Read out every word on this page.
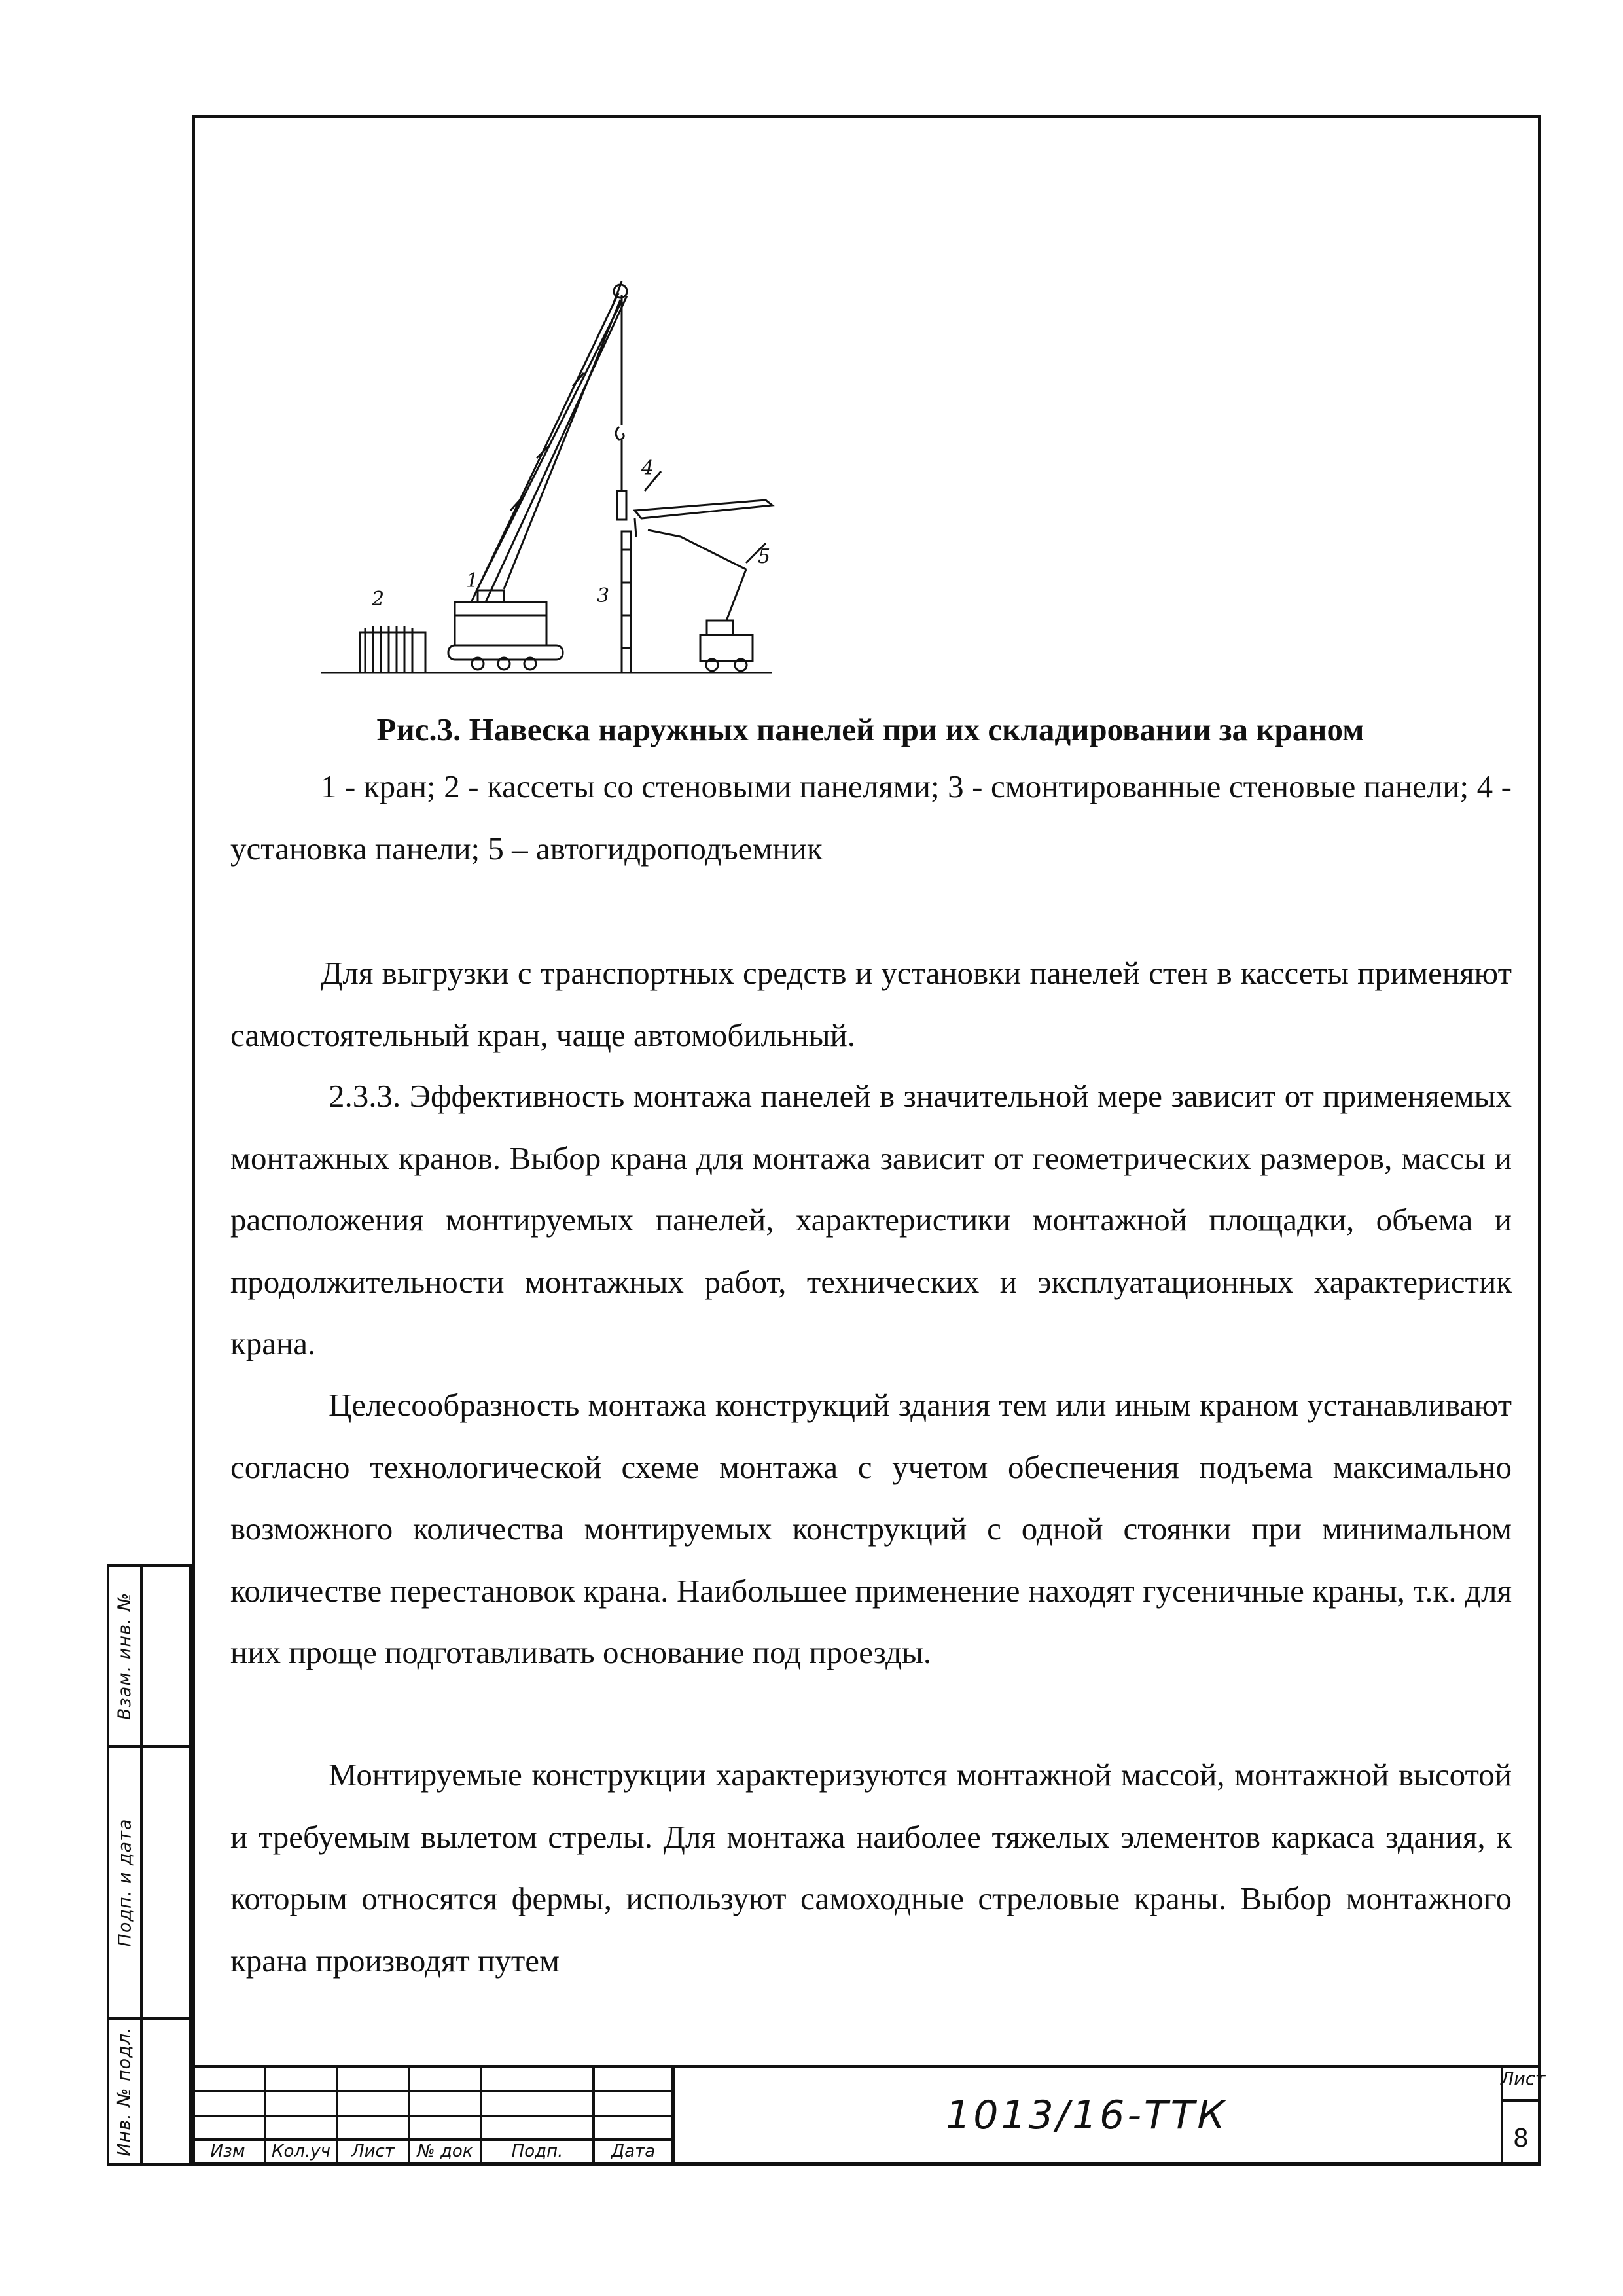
1
2	3
4
5
Рис.3. Навеска наружных панелей при их складировании за краном

1 - кран; 2 - кассеты со стеновыми панелями; 3 - смонтированные стеновые панели; 4 - установка панели; 5 – автогидроподъемник

Для выгрузки с транспортных средств и установки панелей стен в кассеты применяют самостоятельный кран, чаще автомобильный.

2.3.3. Эффективность монтажа панелей в значительной мере зависит от применяемых монтажных кранов. Выбор крана для монтажа зависит от геометрических размеров, массы и расположения монтируемых панелей, характеристики монтажной площадки, объема и продолжительности монтажных работ, технических и эксплуатационных характеристик крана.

Целесообразность монтажа конструкций здания тем или иным краном устанавливают согласно технологической схеме монтажа с учетом обеспечения подъема максимально возможного количества монтируемых конструкций с одной стоянки при минимальном количестве перестановок крана. Наибольшее применение находят гусеничные краны, т.к. для них проще подготавливать основание под проезды.

Монтируемые конструкции характеризуются монтажной массой, монтажной высотой и требуемым вылетом стрелы. Для монтажа наиболее тяжелых элементов каркаса здания, к которым относятся фермы, используют самоходные стреловые краны. Выбор монтажного крана производят путем

Взам. инв. №
Подп. и дата
Инв. № подл.	Изм	Кол.уч	Лист	№ док	Подп.	Дата
1013/16-ТТК
Лист
8
